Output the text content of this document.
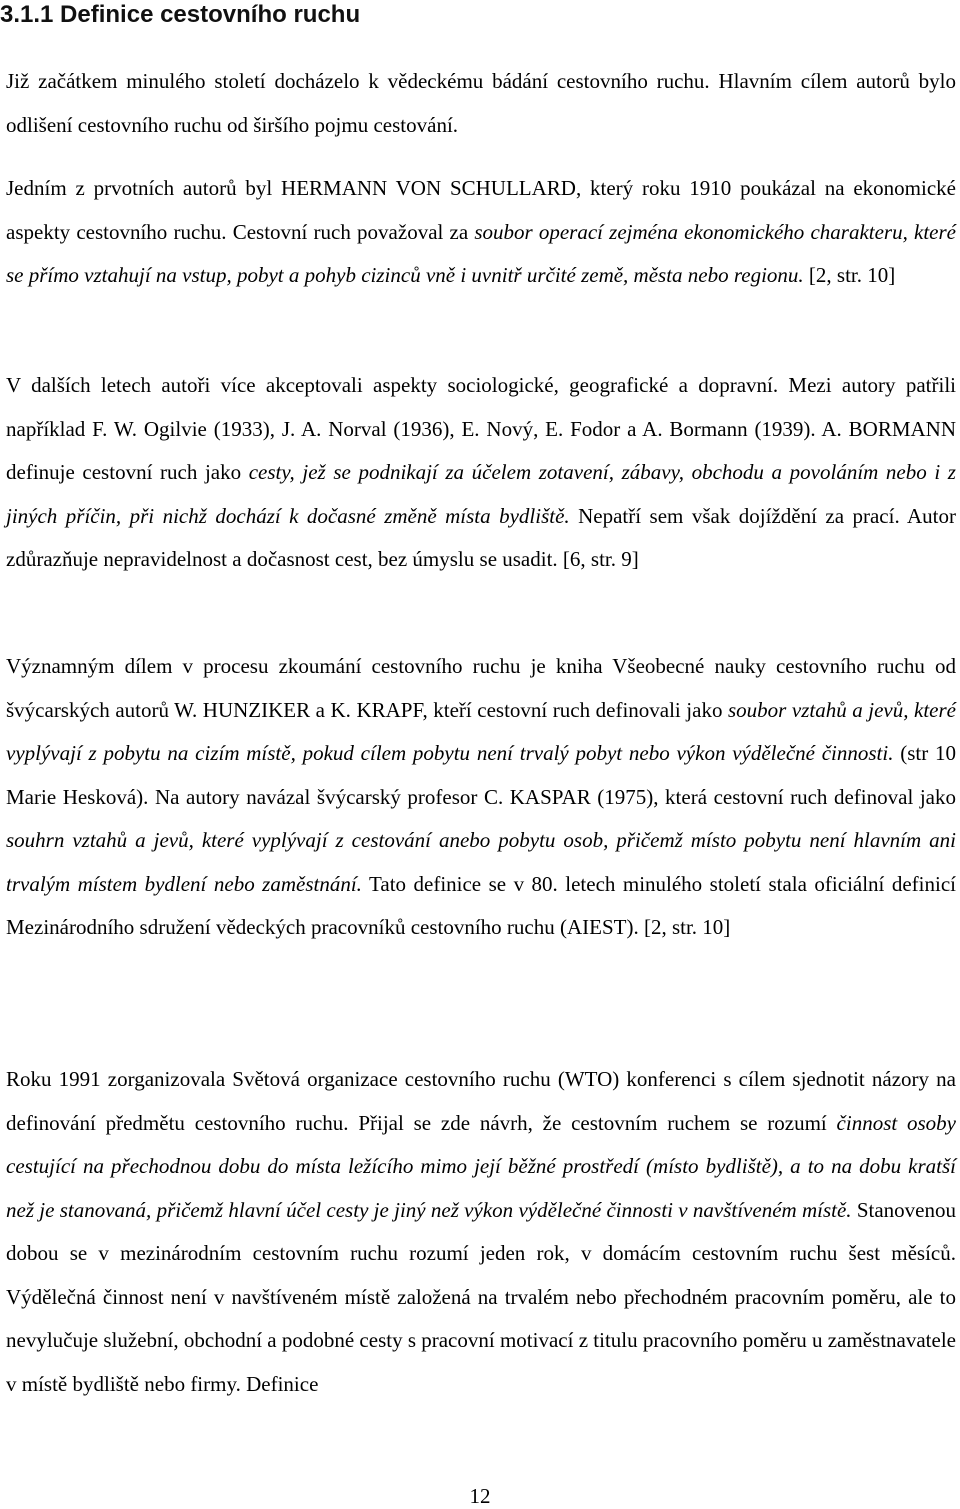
3.1.1 Definice cestovního ruchu

Již začátkem minulého století docházelo k vědeckému bádání cestovního ruchu. Hlavním cílem autorů bylo odlišení cestovního ruchu od širšího pojmu cestování.

Jedním z prvotních autorů byl HERMANN VON SCHULLARD, který roku 1910 poukázal na ekonomické aspekty cestovního ruchu. Cestovní ruch považoval za soubor operací zejména ekonomického charakteru, které se přímo vztahují na vstup, pobyt a pohyb cizinců vně i uvnitř určité země, města nebo regionu. [2, str. 10]

V dalších letech autoři více akceptovali aspekty sociologické, geografické a dopravní. Mezi autory patřili například F. W. Ogilvie (1933), J. A. Norval (1936), E. Nový, E. Fodor a A. Bormann (1939). A. BORMANN definuje cestovní ruch jako cesty, jež se podnikají za účelem zotavení, zábavy, obchodu a povoláním nebo i z jiných příčin, při nichž dochází k dočasné změně místa bydliště. Nepatří sem však dojíždění za prací. Autor zdůrazňuje nepravidelnost a dočasnost cest, bez úmyslu se usadit. [6, str. 9]

Významným dílem v procesu zkoumání cestovního ruchu je kniha Všeobecné nauky cestovního ruchu od švýcarských autorů W. HUNZIKER a K. KRAPF, kteří cestovní ruch definovali jako soubor vztahů a jevů, které vyplývají z pobytu na cizím místě, pokud cílem pobytu není trvalý pobyt nebo výkon výdělečné činnosti. (str 10 Marie Hesková). Na autory navázal švýcarský profesor C. KASPAR (1975), která cestovní ruch definoval jako souhrn vztahů a jevů, které vyplývají z cestování anebo pobytu osob, přičemž místo pobytu není hlavním ani trvalým místem bydlení nebo zaměstnání. Tato definice se v 80. letech minulého století stala oficiální definicí Mezinárodního sdružení vědeckých pracovníků cestovního ruchu (AIEST). [2, str. 10]

Roku 1991 zorganizovala Světová organizace cestovního ruchu (WTO) konferenci s cílem sjednotit názory na definování předmětu cestovního ruchu. Přijal se zde návrh, že cestovním ruchem se rozumí činnost osoby cestující na přechodnou dobu do místa ležícího mimo její běžné prostředí (místo bydliště), a to na dobu kratší než je stanovaná, přičemž hlavní účel cesty je jiný než výkon výdělečné činnosti v navštíveném místě. Stanovenou dobou se v mezinárodním cestovním ruchu rozumí jeden rok, v domácím cestovním ruchu šest měsíců. Výdělečná činnost není v navštíveném místě založená na trvalém nebo přechodném pracovním poměru, ale to nevylučuje služební, obchodní a podobné cesty s pracovní motivací z titulu pracovního poměru u zaměstnavatele v místě bydliště nebo firmy. Definice

12
